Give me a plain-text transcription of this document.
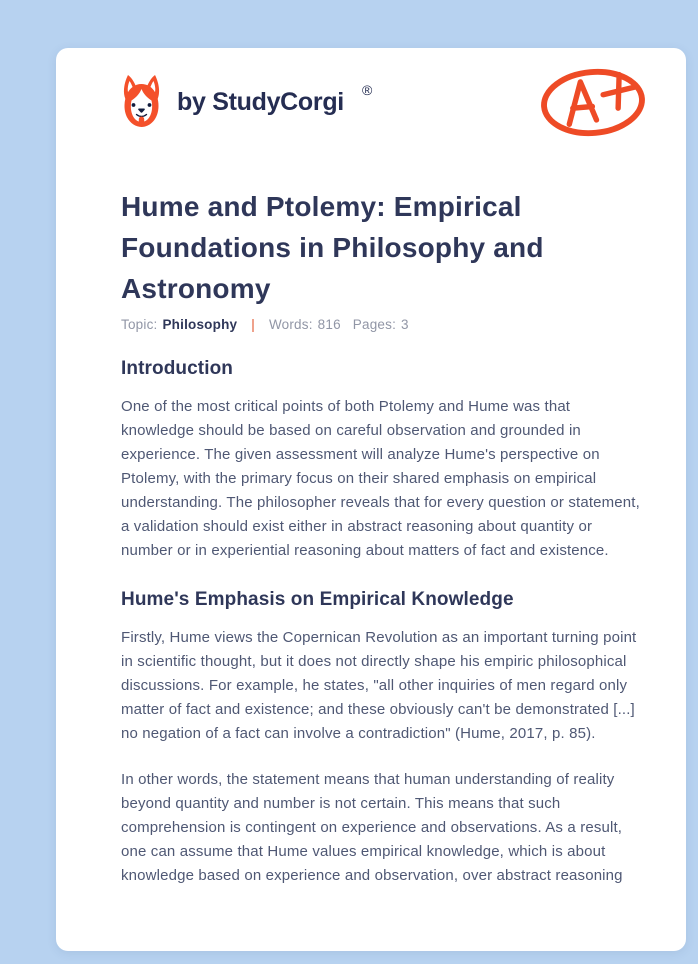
by StudyCorgi ®
Hume and Ptolemy: Empirical Foundations in Philosophy and Astronomy
Topic: Philosophy | Words: 816 Pages: 3
Introduction

One of the most critical points of both Ptolemy and Hume was that knowledge should be based on careful observation and grounded in experience. The given assessment will analyze Hume's perspective on Ptolemy, with the primary focus on their shared emphasis on empirical understanding. The philosopher reveals that for every question or statement, a validation should exist either in abstract reasoning about quantity or number or in experiential reasoning about matters of fact and existence.

Hume's Emphasis on Empirical Knowledge

Firstly, Hume views the Copernican Revolution as an important turning point in scientific thought, but it does not directly shape his empiric philosophical discussions. For example, he states, "all other inquiries of men regard only matter of fact and existence; and these obviously can't be demonstrated [...] no negation of a fact can involve a contradiction" (Hume, 2017, p. 85).

In other words, the statement means that human understanding of reality beyond quantity and number is not certain. This means that such comprehension is contingent on experience and observations. As a result, one can assume that Hume values empirical knowledge, which is about knowledge based on experience and observation, over abstract reasoning
